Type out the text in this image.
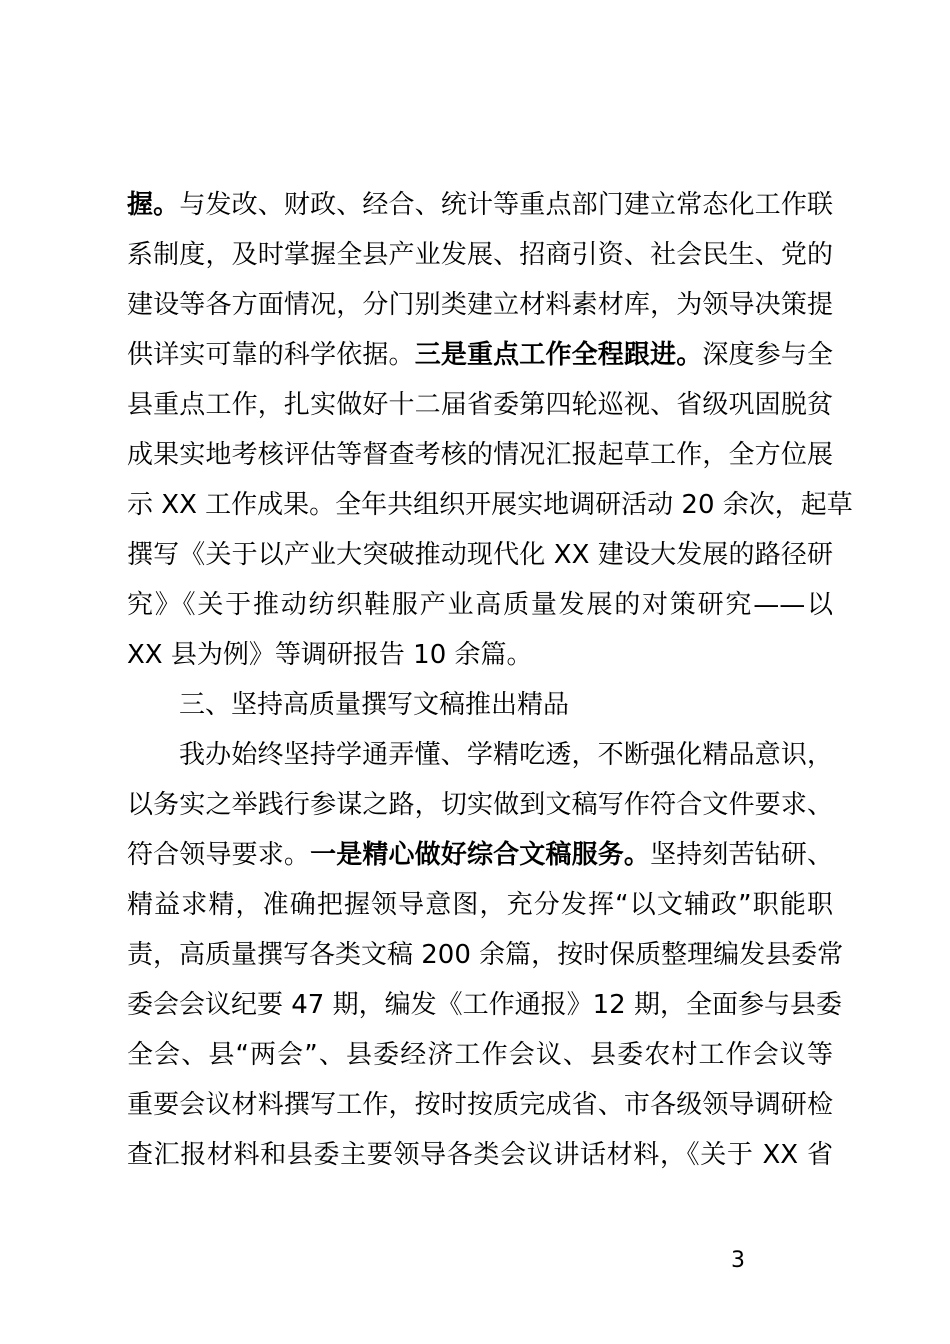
握。与发改、财政、经合、统计等重点部门建立常态化工作联
系制度，及时掌握全县产业发展、招商引资、社会民生、党的
建设等各方面情况，分门别类建立材料素材库，为领导决策提
供详实可靠的科学依据。三是重点工作全程跟进。深度参与全
县重点工作，扎实做好十二届省委第四轮巡视、省级巩固脱贫
成果实地考核评估等督查考核的情况汇报起草工作，全方位展
示 XX 工作成果。全年共组织开展实地调研活动 20 余次，起草
撰写《关于以产业大突破推动现代化 XX 建设大发展的路径研
究》《关于推动纺织鞋服产业高质量发展的对策研究——以
XX 县为例》等调研报告 10 余篇。
三、坚持高质量撰写文稿推出精品
我办始终坚持学通弄懂、学精吃透，不断强化精品意识，
以务实之举践行参谋之路，切实做到文稿写作符合文件要求、
符合领导要求。一是精心做好综合文稿服务。坚持刻苦钻研、
精益求精，准确把握领导意图，充分发挥“以文辅政”职能职
责，高质量撰写各类文稿 200 余篇，按时保质整理编发县委常
委会会议纪要 47 期，编发《工作通报》12 期，全面参与县委
全会、县“两会”、县委经济工作会议、县委农村工作会议等
重要会议材料撰写工作，按时按质完成省、市各级领导调研检
查汇报材料和县委主要领导各类会议讲话材料，《关于 XX 省
3
